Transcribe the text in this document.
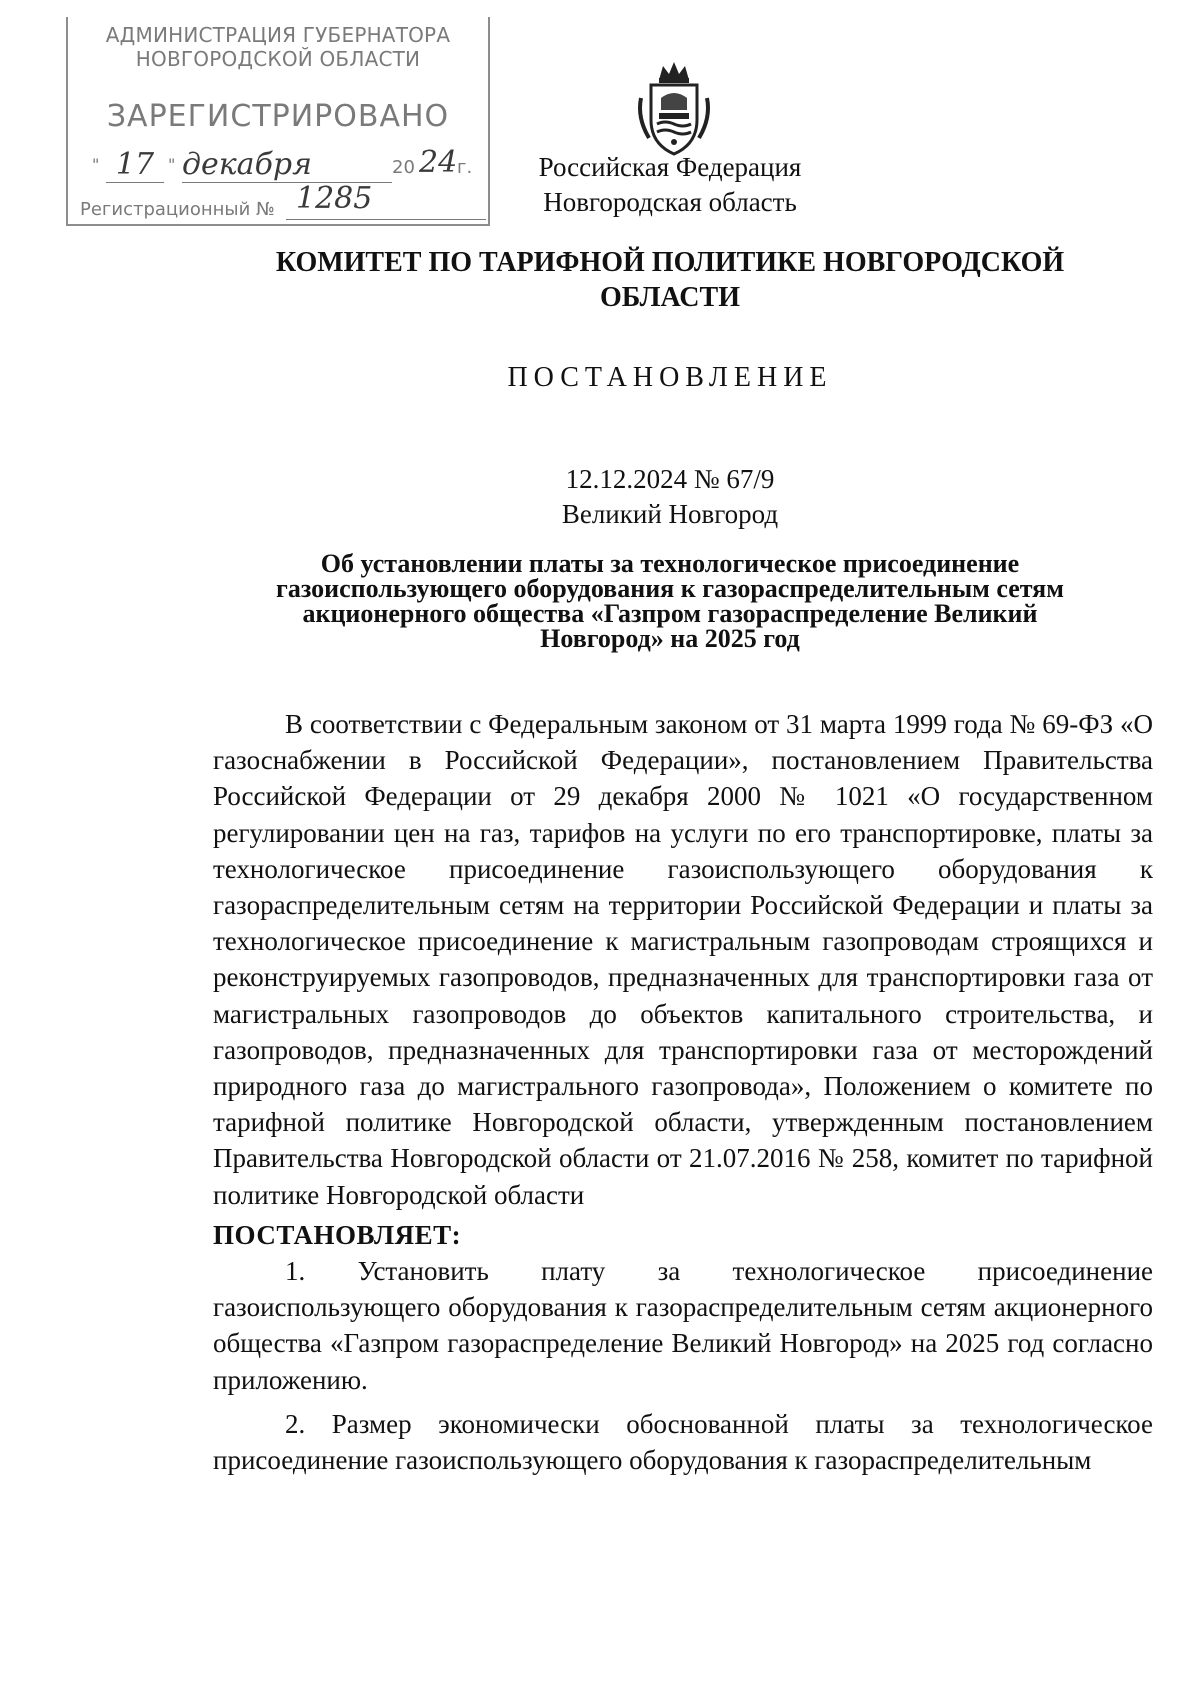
АДМИНИСТРАЦИЯ ГУБЕРНАТОРА
НОВГОРОДСКОЙ ОБЛАСТИ
ЗАРЕГИСТРИРОВАНО
" 17 " декабря	20 24 г.
Регистрационный № 1285
Российская Федерация
Новгородская область
КОМИТЕТ ПО ТАРИФНОЙ ПОЛИТИКЕ НОВГОРОДСКОЙ
ОБЛАСТИ
ПОСТАНОВЛЕНИЕ
12.12.2024 № 67/9
Великий Новгород
Об установлении платы за технологическое присоединение
газоиспользующего оборудования к газораспределительным сетям
акционерного общества «Газпром газораспределение Великий
Новгород» на 2025 год

В соответствии с Федеральным законом от 31 марта 1999 года № 69-ФЗ «О газоснабжении в Российской Федерации», постановлением Правительства Российской Федерации от 29 декабря 2000 № 1021 «О государственном регулировании цен на газ, тарифов на услуги по его транспортировке, платы за технологическое присоединение газоиспользующего оборудования к газораспределительным сетям на территории Российской Федерации и платы за технологическое присоединение к магистральным газопроводам строящихся и реконструируемых газопроводов, предназначенных для транспортировки газа от магистральных газопроводов до объектов капитального строительства, и газопроводов, предназначенных для транспортировки газа от месторождений природного газа до магистрального газопровода», Положением о комитете по тарифной политике Новгородской области, утвержденным постановлением Правительства Новгородской области от 21.07.2016 № 258, комитет по тарифной политике Новгородской области

ПОСТАНОВЛЯЕТ:

1. Установить плату за технологическое присоединение газоиспользующего оборудования к газораспределительным сетям акционерного общества «Газпром газораспределение Великий Новгород» на 2025 год согласно приложению.

2. Размер экономически обоснованной платы за технологическое присоединение газоиспользующего оборудования к газораспределительным
